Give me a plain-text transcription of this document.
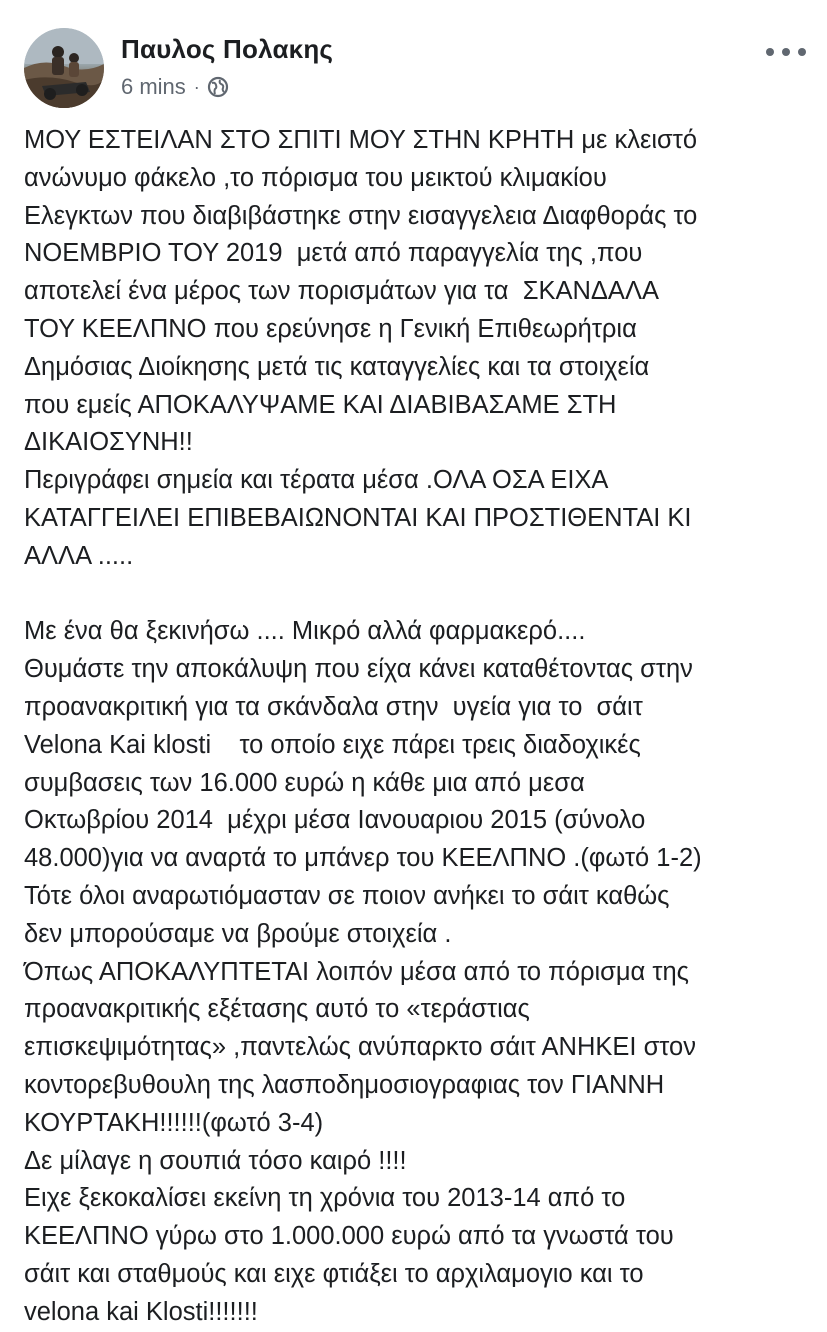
Παυλος Πολακης
6 mins ·
ΜΟΥ ΕΣΤΕΙΛΑΝ ΣΤΟ ΣΠΙΤΙ ΜΟΥ ΣΤΗΝ ΚΡΗΤΗ με κλειστό
ανώνυμο φάκελο ,το πόρισμα του μεικτού κλιμακίου
Ελεγκτων που διαβιβάστηκε στην εισαγγελεια Διαφθοράς το
ΝΟΕΜΒΡΙΟ ΤΟΥ 2019  μετά από παραγγελία της ,που
αποτελεί ένα μέρος των πορισμάτων για τα  ΣΚΑΝΔΑΛΑ
ΤΟΥ ΚΕΕΛΠΝΟ που ερεύνησε η Γενική Επιθεωρήτρια
Δημόσιας Διοίκησης μετά τις καταγγελίες και τα στοιχεία
που εμείς ΑΠΟΚΑΛΥΨΑΜΕ ΚΑΙ ΔΙΑΒΙΒΑΣΑΜΕ ΣΤΗ
ΔΙΚΑΙΟΣΥΝΗ!!
Περιγράφει σημεία και τέρατα μέσα .ΟΛΑ ΟΣΑ ΕΙΧΑ
ΚΑΤΑΓΓΕΙΛΕΙ ΕΠΙΒΕΒΑΙΩΝΟΝΤΑΙ ΚΑΙ ΠΡΟΣΤΙΘΕΝΤΑΙ ΚΙ
ΑΛΛΑ .....
Με ένα θα ξεκινήσω .... Μικρό αλλά φαρμακερό....
Θυμάστε την αποκάλυψη που είχα κάνει καταθέτοντας στην
προανακριτική για τα σκάνδαλα στην  υγεία για το  σάιτ
Velona Kai klosti    το οποίο ειχε πάρει τρεις διαδοχικές
συμβασεις των 16.000 ευρώ η κάθε μια από μεσα
Οκτωβρίου 2014  μέχρι μέσα Ιανουαριου 2015 (σύνολο
48.000)για να αναρτά το μπάνερ του ΚΕΕΛΠΝΟ .(φωτό 1-2)
Τότε όλοι αναρωτιόμασταν σε ποιον ανήκει το σάιτ καθώς
δεν μπορούσαμε να βρούμε στοιχεία .
Όπως ΑΠΟΚΑΛΥΠΤΕΤΑΙ λοιπόν μέσα από το πόρισμα της
προανακριτικής εξέτασης αυτό το «τεράστιας
επισκεψιμότητας» ,παντελώς ανύπαρκτο σάιτ ΑΝΗΚΕΙ στον
κοντορεβυθουλη της λασποδημοσιογραφιας τον ΓΙΑΝΝΗ
ΚΟΥΡΤΑΚΗ!!!!!!(φωτό 3-4)
Δε μίλαγε η σουπιά τόσο καιρό !!!!
Ειχε ξεκοκαλίσει εκείνη τη χρόνια του 2013-14 από το
ΚΕΕΛΠΝΟ γύρω στο 1.000.000 ευρώ από τα γνωστά του
σάιτ και σταθμούς και ειχε φτιάξει το αρχιλαμογιο και το
velona kai Klosti!!!!!!!
